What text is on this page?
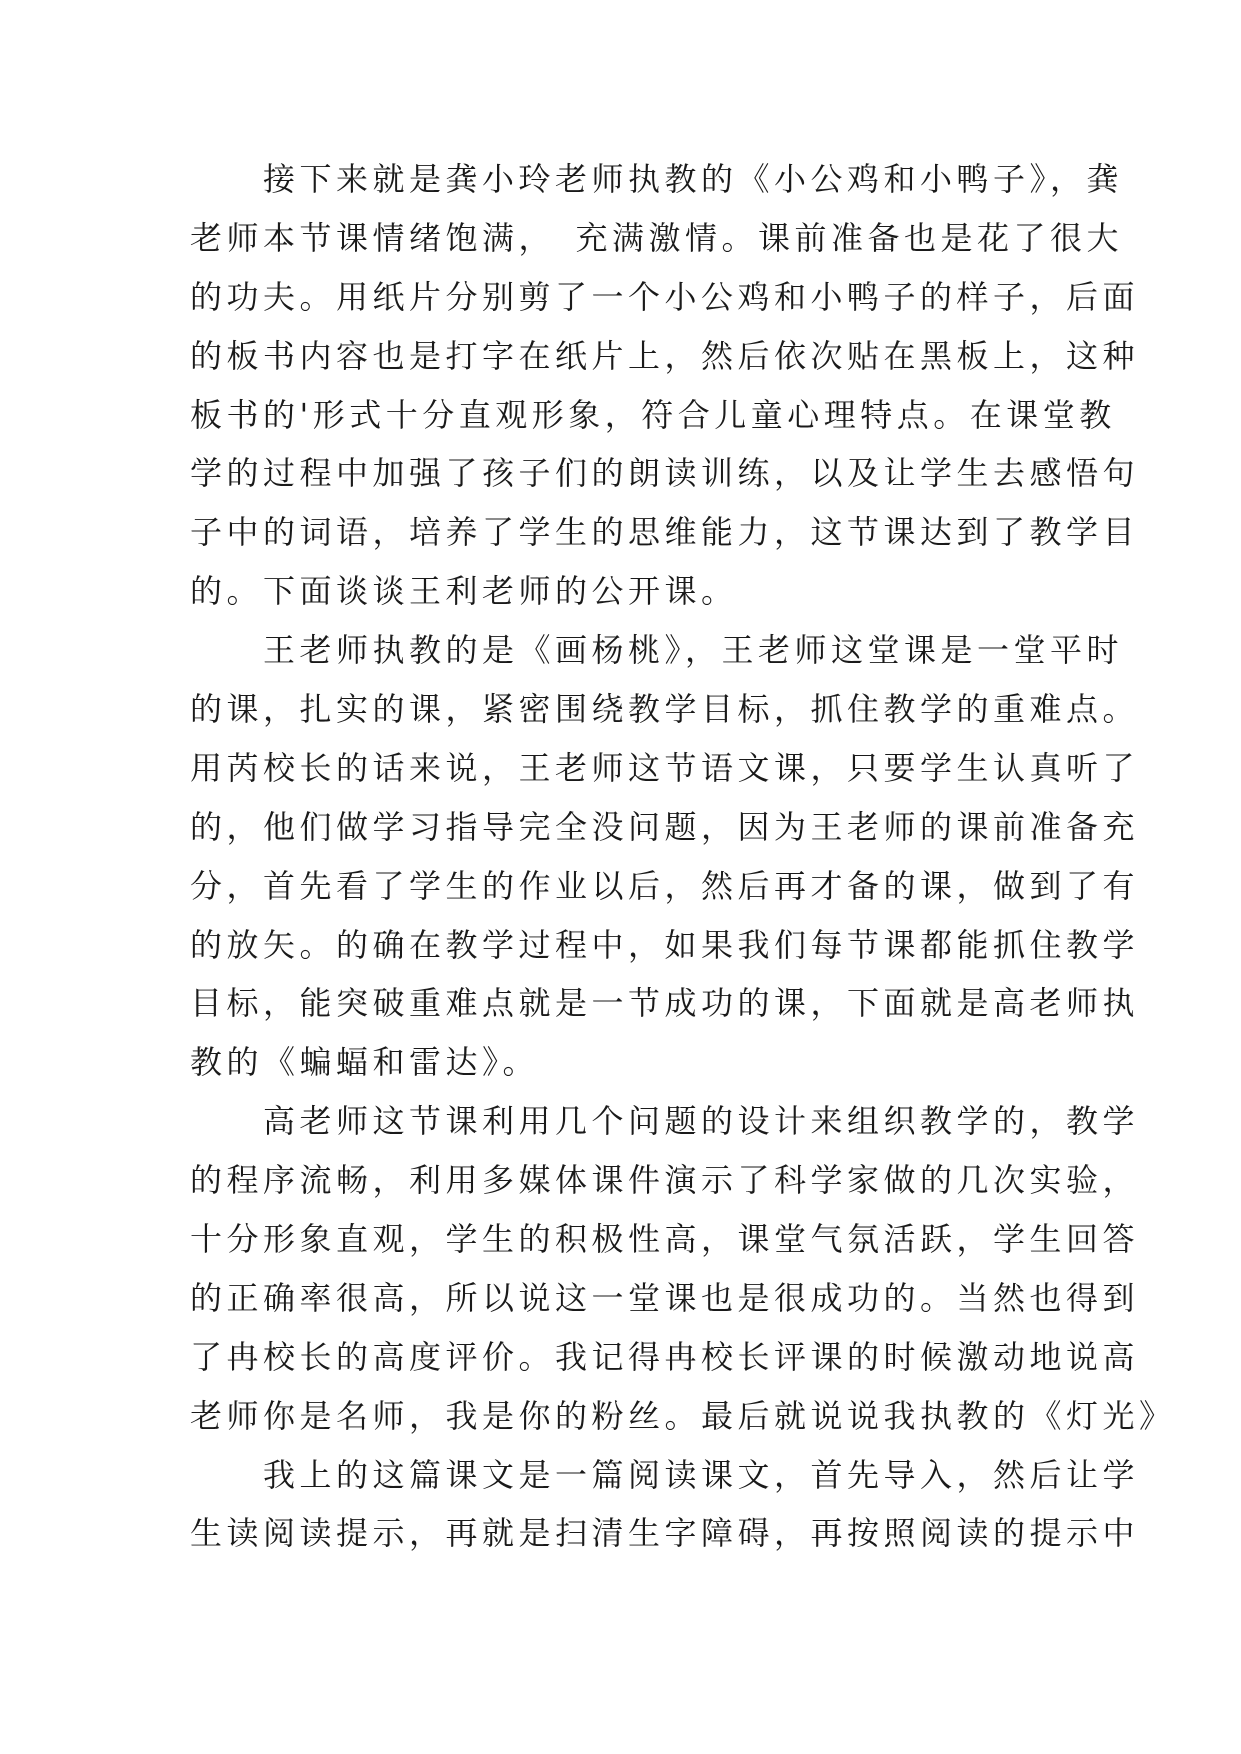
　　接下来就是龚小玲老师执教的《小公鸡和小鸭子》，龚
老师本节课情绪饱满，　充满激情。课前准备也是花了很大
的功夫。用纸片分别剪了一个小公鸡和小鸭子的样子，后面
的板书内容也是打字在纸片上，然后依次贴在黑板上，这种
板书的'形式十分直观形象，符合儿童心理特点。在课堂教
学的过程中加强了孩子们的朗读训练，以及让学生去感悟句
子中的词语，培养了学生的思维能力，这节课达到了教学目
的。下面谈谈王利老师的公开课。
　　王老师执教的是《画杨桃》，王老师这堂课是一堂平时
的课，扎实的课，紧密围绕教学目标，抓住教学的重难点。
用芮校长的话来说，王老师这节语文课，只要学生认真听了
的，他们做学习指导完全没问题，因为王老师的课前准备充
分，首先看了学生的作业以后，然后再才备的课，做到了有
的放矢。的确在教学过程中，如果我们每节课都能抓住教学
目标，能突破重难点就是一节成功的课，下面就是高老师执
教的《蝙蝠和雷达》。
　　高老师这节课利用几个问题的设计来组织教学的，教学
的程序流畅，利用多媒体课件演示了科学家做的几次实验，
十分形象直观，学生的积极性高，课堂气氛活跃，学生回答
的正确率很高，所以说这一堂课也是很成功的。当然也得到
了冉校长的高度评价。我记得冉校长评课的时候激动地说高
老师你是名师，我是你的粉丝。最后就说说我执教的《灯光》
　　我上的这篇课文是一篇阅读课文，首先导入，然后让学
生读阅读提示，再就是扫清生字障碍，再按照阅读的提示中
